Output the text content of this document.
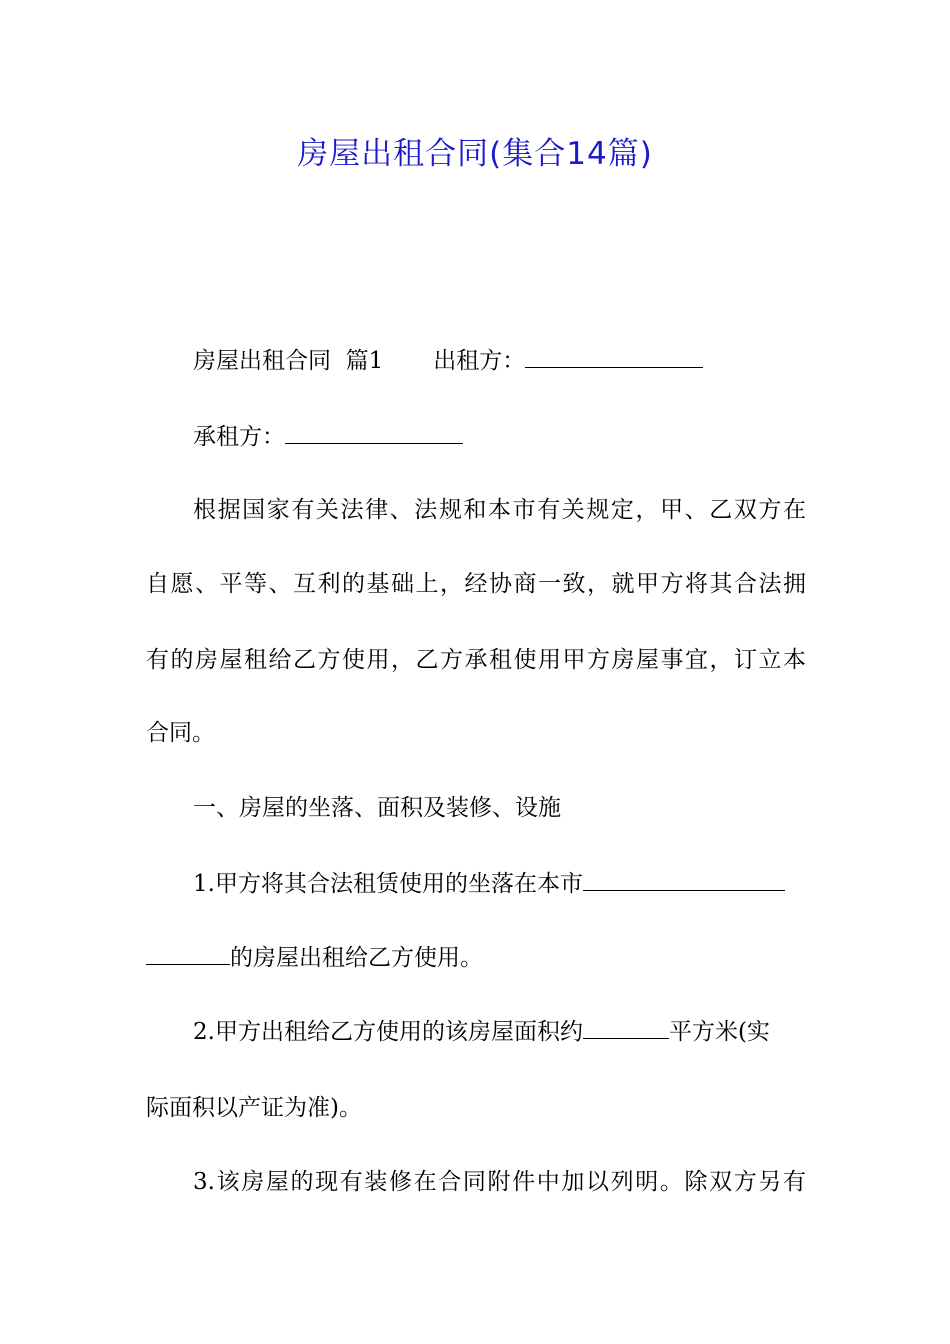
房屋出租合同(集合14篇)
房屋出租合同  篇1 出租方：
承租方：
根据国家有关法律、法规和本市有关规定，甲、乙双方在
自愿、平等、互利的基础上，经协商一致，就甲方将其合法拥
有的房屋租给乙方使用，乙方承租使用甲方房屋事宜，订立本
合同。
一、房屋的坐落、面积及装修、设施
1.甲方将其合法租赁使用的坐落在本市
的房屋出租给乙方使用。
2.甲方出租给乙方使用的该房屋面积约	平方米(实
际面积以产证为准)。
3.该房屋的现有装修在合同附件中加以列明。除双方另有
